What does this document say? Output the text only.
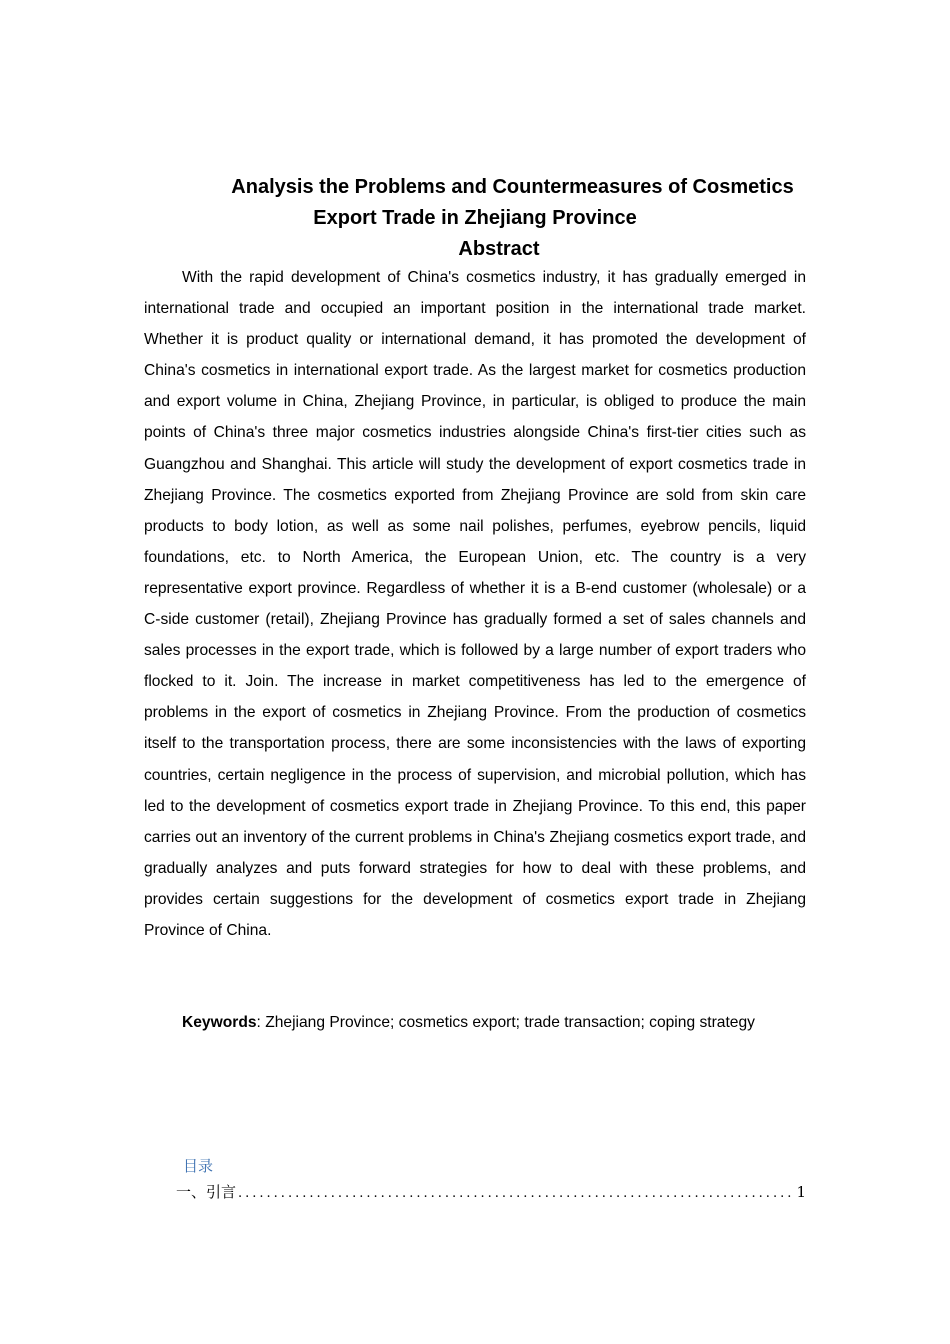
Analysis the Problems and Countermeasures of Cosmetics
Export Trade in Zhejiang Province
Abstract

With the rapid development of China's cosmetics industry, it has gradually emerged in international trade and occupied an important position in the international trade market. Whether it is product quality or international demand, it has promoted the development of China's cosmetics in international export trade. As the largest market for cosmetics production and export volume in China, Zhejiang Province, in particular, is obliged to produce the main points of China's three major cosmetics industries alongside China's first-tier cities such as Guangzhou and Shanghai. This article will study the development of export cosmetics trade in Zhejiang Province. The cosmetics exported from Zhejiang Province are sold from skin care products to body lotion, as well as some nail polishes, perfumes, eyebrow pencils, liquid foundations, etc. to North America, the European Union, etc. The country is a very representative export province. Regardless of whether it is a B-end customer (wholesale) or a C-side customer (retail), Zhejiang Province has gradually formed a set of sales channels and sales processes in the export trade, which is followed by a large number of export traders who flocked to it. Join. The increase in market competitiveness has led to the emergence of problems in the export of cosmetics in Zhejiang Province. From the production of cosmetics itself to the transportation process, there are some inconsistencies with the laws of exporting countries, certain negligence in the process of supervision, and microbial pollution, which has led to the development of cosmetics export trade in Zhejiang Province. To this end, this paper carries out an inventory of the current problems in China's Zhejiang cosmetics export trade, and gradually analyzes and puts forward strategies for how to deal with these problems, and provides certain suggestions for the development of cosmetics export trade in Zhejiang Province of China.

Keywords: Zhejiang Province; cosmetics export; trade transaction; coping strategy

目录
一、引言
.....	1
